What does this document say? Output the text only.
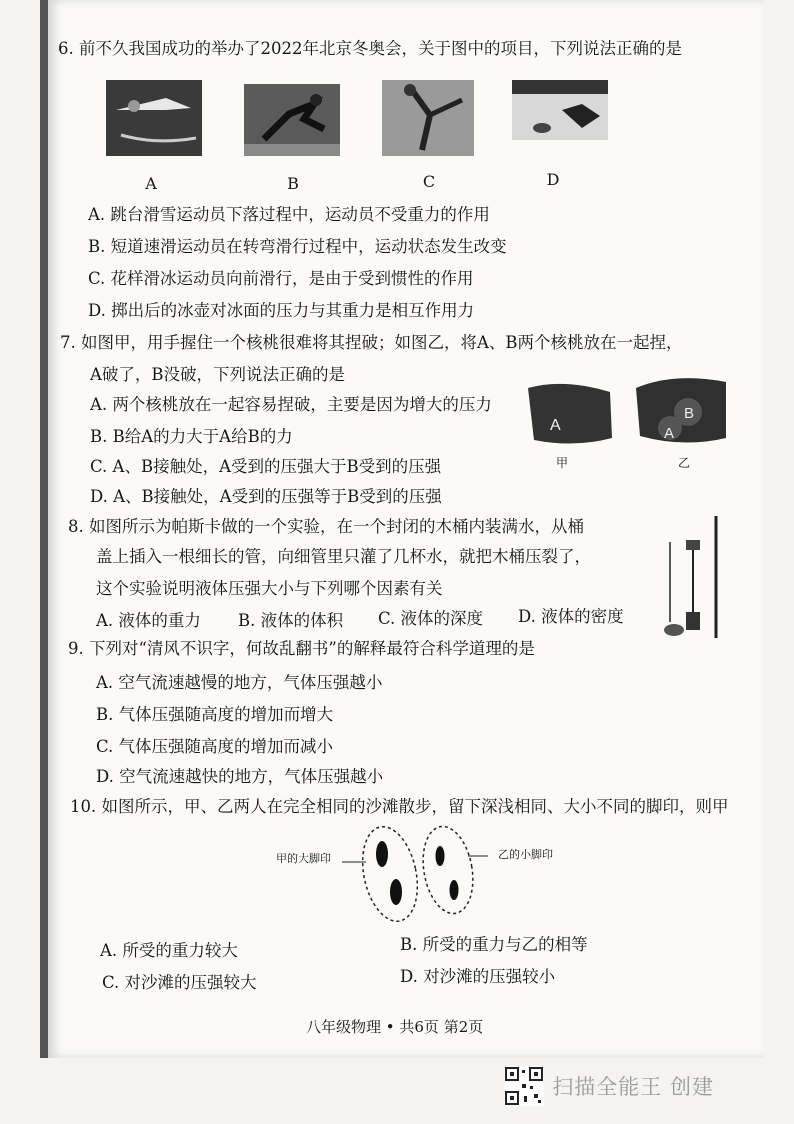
6. 前不久我国成功的举办了2022年北京冬奥会，关于图中的项目，下列说法正确的是
A	B	C	D
A. 跳台滑雪运动员下落过程中，运动员不受重力的作用
B. 短道速滑运动员在转弯滑行过程中，运动状态发生改变
C. 花样滑冰运动员向前滑行，是由于受到惯性的作用
D. 掷出后的冰壶对冰面的压力与其重力是相互作用力
7. 如图甲，用手握住一个核桃很难将其捏破；如图乙，将A、B两个核桃放在一起捏，
A破了，B没破，下列说法正确的是
A. 两个核桃放在一起容易捏破，主要是因为增大的压力
B. B给A的力大于A给B的力
C. A、B接触处，A受到的压强大于B受到的压强
D. A、B接触处，A受到的压强等于B受到的压强
A
B
A
甲	乙
8. 如图所示为帕斯卡做的一个实验，在一个封闭的木桶内装满水，从桶
盖上插入一根细长的管，向细管里只灌了几杯水，就把木桶压裂了，
这个实验说明液体压强大小与下列哪个因素有关
A. 液体的重力 B. 液体的体积 C. 液体的深度 D. 液体的密度
9. 下列对“清风不识字，何故乱翻书”的解释最符合科学道理的是
A. 空气流速越慢的地方，气体压强越小
B. 气体压强随高度的增加而增大
C. 气体压强随高度的增加而减小
D. 空气流速越快的地方，气体压强越小
10. 如图所示，甲、乙两人在完全相同的沙滩散步，留下深浅相同、大小不同的脚印，则甲
甲的大脚印	乙的小脚印
A. 所受的重力较大	B. 所受的重力与乙的相等
C. 对沙滩的压强较大	D. 对沙滩的压强较小
八年级物理 • 共6页 第2页
扫描全能王 创建
